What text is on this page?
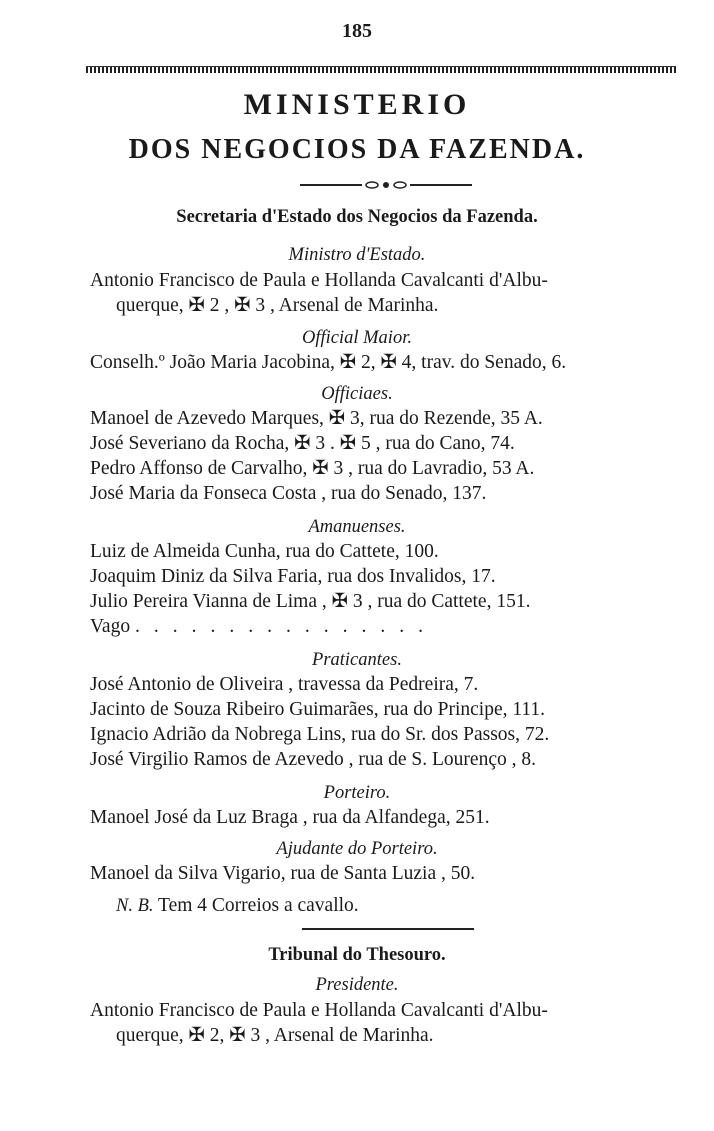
185
MINISTERIO
DOS NEGOCIOS DA FAZENDA.
Secretaria d'Estado dos Negocios da Fazenda.
Ministro d'Estado.
Antonio Francisco de Paula e Hollanda Cavalcanti d'Albu-
querque, ✠ 2 , ✠ 3 , Arsenal de Marinha.
Official Maior.
Conselh.º João Maria Jacobina, ✠ 2, ✠ 4, trav. do Senado, 6.
Officiaes.
Manoel de Azevedo Marques, ✠ 3, rua do Rezende, 35 A.
José Severiano da Rocha, ✠ 3 . ✠ 5 , rua do Cano, 74.
Pedro Affonso de Carvalho, ✠ 3 , rua do Lavradio, 53 A.
José Maria da Fonseca Costa , rua do Senado, 137.
Amanuenses.
Luiz de Almeida Cunha, rua do Cattete, 100.
Joaquim Diniz da Silva Faria, rua dos Invalidos, 17.
Julio Pereira Vianna de Lima , ✠ 3 , rua do Cattete, 151.
Vago ................
Praticantes.
José Antonio de Oliveira , travessa da Pedreira, 7.
Jacinto de Souza Ribeiro Guimarães, rua do Principe, 111.
Ignacio Adrião da Nobrega Lins, rua do Sr. dos Passos, 72.
José Virgilio Ramos de Azevedo , rua de S. Lourenço , 8.
Porteiro.
Manoel José da Luz Braga , rua da Alfandega, 251.
Ajudante do Porteiro.
Manoel da Silva Vigario, rua de Santa Luzia , 50.
N. B. Tem 4 Correios a cavallo.
Tribunal do Thesouro.
Presidente.
Antonio Francisco de Paula e Hollanda Cavalcanti d'Albu-
querque, ✠ 2, ✠ 3 , Arsenal de Marinha.
